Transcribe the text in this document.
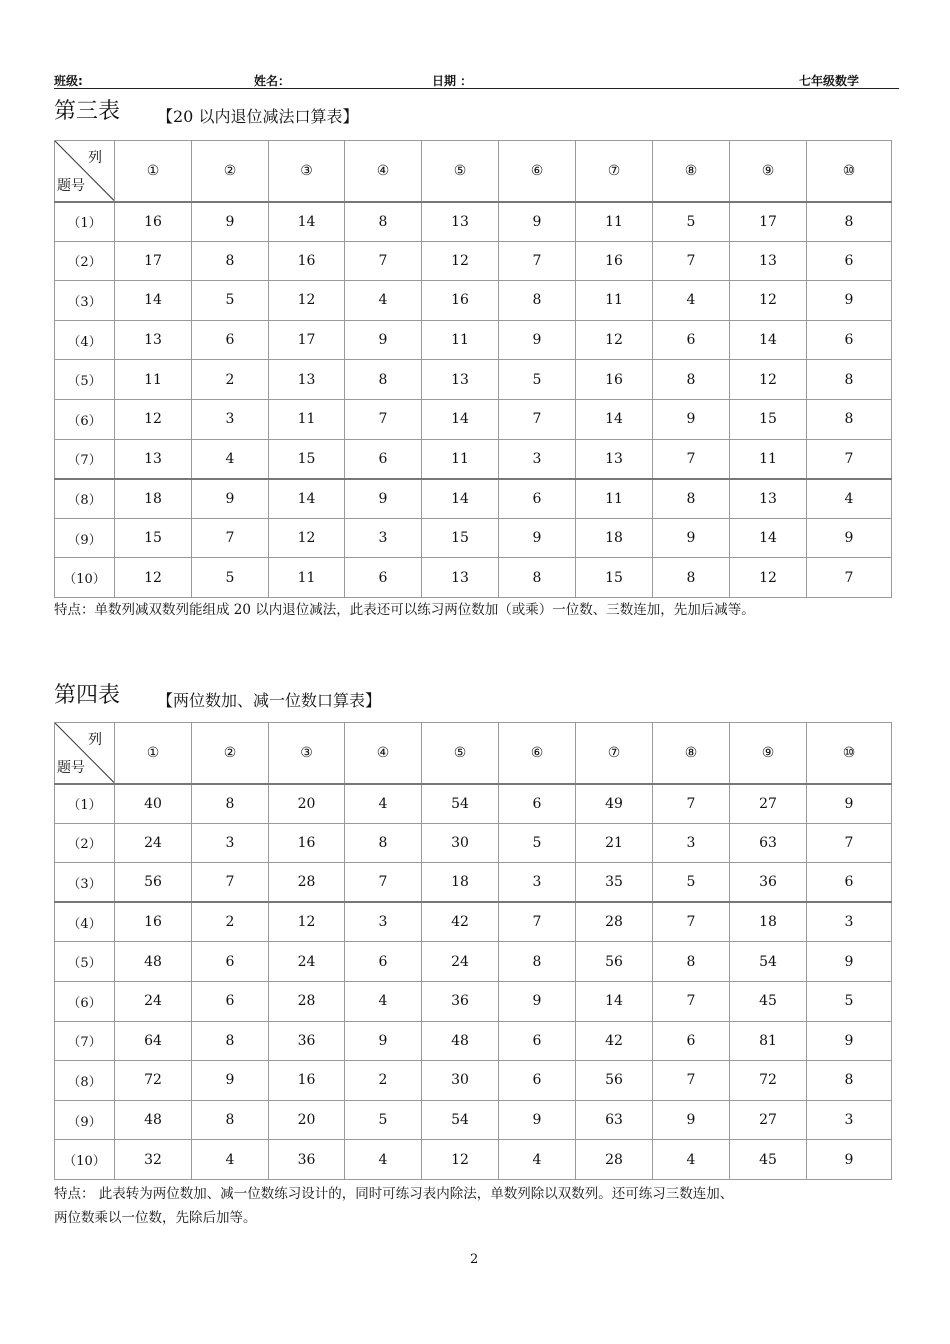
班级:	姓名：	日期 ：	七年级数学
第三表 【20 以内退位减法口算表】
列
题号	①	②	③	④	⑤	⑥	⑦	⑧	⑨	⑩
（1）	16	9	14	8	13	9	11	5	17	8
（2）	17	8	16	7	12	7	16	7	13	6
（3）	14	5	12	4	16	8	11	4	12	9
（4）	13	6	17	9	11	9	12	6	14	6
（5）	11	2	13	8	13	5	16	8	12	8
（6）	12	3	11	7	14	7	14	9	15	8
（7）	13	4	15	6	11	3	13	7	11	7
（8）	18	9	14	9	14	6	11	8	13	4
（9）	15	7	12	3	15	9	18	9	14	9
（10）	12	5	11	6	13	8	15	8	12	7
特点：单数列减双数列能组成 20 以内退位减法，此表还可以练习两位数加（或乘）一位数、三数连加，先加后减等。
第四表 【两位数加、减一位数口算表】
列
题号	①	②	③	④	⑤	⑥	⑦	⑧	⑨	⑩
（1）	40	8	20	4	54	6	49	7	27	9
（2）	24	3	16	8	30	5	21	3	63	7
（3）	56	7	28	7	18	3	35	5	36	6
（4）	16	2	12	3	42	7	28	7	18	3
（5）	48	6	24	6	24	8	56	8	54	9
（6）	24	6	28	4	36	9	14	7	45	5
（7）	64	8	36	9	48	6	42	6	81	9
（8）	72	9	16	2	30	6	56	7	72	8
（9）	48	8	20	5	54	9	63	9	27	3
（10）	32	4	36	4	12	4	28	4	45	9
特点： 此表转为两位数加、减一位数练习设计的，同时可练习表内除法，单数列除以双数列。还可练习三数连加、
两位数乘以一位数，先除后加等。
2
